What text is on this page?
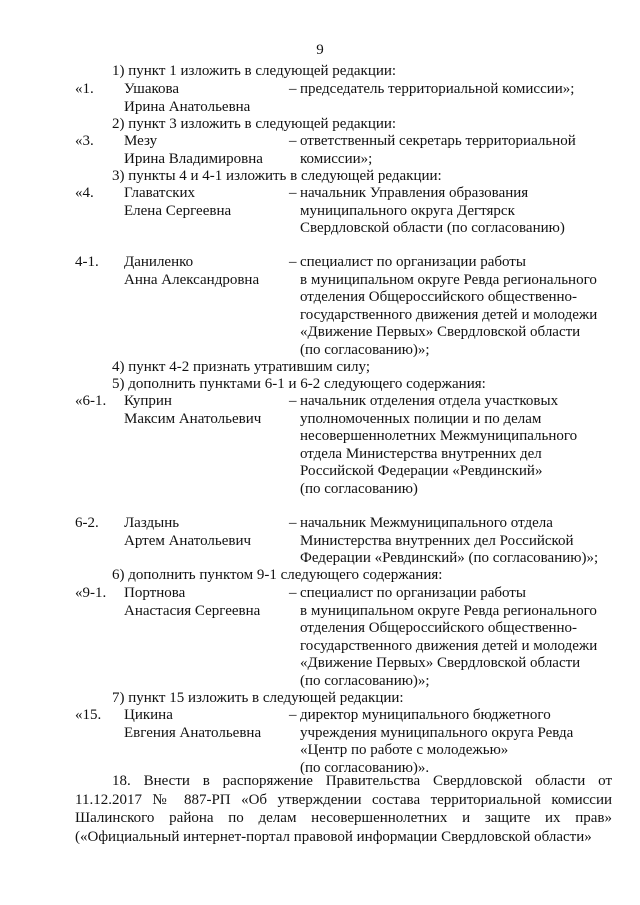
9
1) пункт 1 изложить в следующей редакции:
«1. Ушакова
Ирина Анатольевна
– председатель территориальной комиссии»;
2) пункт 3 изложить в следующей редакции:
«3. Мезу
Ирина Владимировна
– ответственный секретарь территориальной
комиссии»;
3) пункты 4 и 4-1 изложить в следующей редакции:
«4. Главатских
Елена Сергеевна
– начальник Управления образования
муниципального округа Дегтярск
Свердловской области (по согласованию)
4-1. Даниленко
Анна Александровна
– специалист по организации работы
в муниципальном округе Ревда регионального
отделения Общероссийского общественно-
государственного движения детей и молодежи
«Движение Первых» Свердловской области
(по согласованию)»;
4) пункт 4-2 признать утратившим силу;
5) дополнить пунктами 6-1 и 6-2 следующего содержания:
«6-1. Куприн
Максим Анатольевич
– начальник отделения отдела участковых
уполномоченных полиции и по делам
несовершеннолетних Межмуниципального
отдела Министерства внутренних дел
Российской Федерации «Ревдинский»
(по согласованию)
6-2. Лаздынь
Артем Анатольевич
– начальник Межмуниципального отдела
Министерства внутренних дел Российской
Федерации «Ревдинский» (по согласованию)»;
6) дополнить пунктом 9-1 следующего содержания:
«9-1. Портнова
Анастасия Сергеевна
– специалист по организации работы
в муниципальном округе Ревда регионального
отделения Общероссийского общественно-
государственного движения детей и молодежи
«Движение Первых» Свердловской области
(по согласованию)»;
7) пункт 15 изложить в следующей редакции:
«15. Цикина
Евгения Анатольевна
– директор муниципального бюджетного
учреждения муниципального округа Ревда
«Центр по работе с молодежью»
(по согласованию)».
18. Внести в распоряжение Правительства Свердловской области от 11.12.2017 № 887-РП «Об утверждении состава территориальной комиссии Шалинского района по делам несовершеннолетних и защите их прав» («Официальный интернет-портал правовой информации Свердловской области»
